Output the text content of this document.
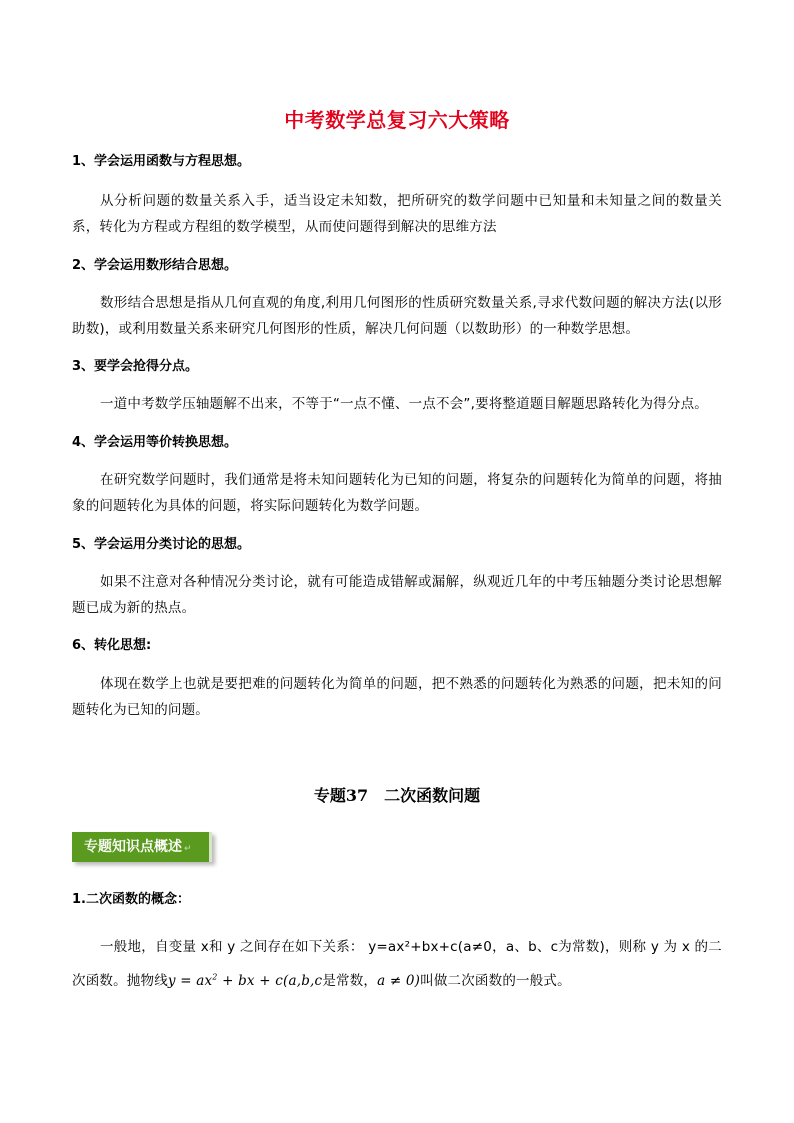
中考数学总复习六大策略
1、学会运用函数与方程思想。
从分析问题的数量关系入手，适当设定未知数，把所研究的数学问题中已知量和未知量之间的数量关系，转化为方程或方程组的数学模型，从而使问题得到解决的思维方法
2、学会运用数形结合思想。
数形结合思想是指从几何直观的角度,利用几何图形的性质研究数量关系,寻求代数问题的解决方法(以形助数)，或利用数量关系来研究几何图形的性质，解决几何问题（以数助形）的一种数学思想。
3、要学会抢得分点。
一道中考数学压轴题解不出来，不等于“一点不懂、一点不会”,要将整道题目解题思路转化为得分点。
4、学会运用等价转换思想。
在研究数学问题时，我们通常是将未知问题转化为已知的问题，将复杂的问题转化为简单的问题，将抽象的问题转化为具体的问题，将实际问题转化为数学问题。
5、学会运用分类讨论的思想。
如果不注意对各种情况分类讨论，就有可能造成错解或漏解，纵观近几年的中考压轴题分类讨论思想解题已成为新的热点。
6、转化思想:
体现在数学上也就是要把难的问题转化为简单的问题，把不熟悉的问题转化为熟悉的问题，把未知的问题转化为已知的问题。
专题37 二次函数问题
专题知识点概述 ↵
1.二次函数的概念：
一般地，自变量 x和 y 之间存在如下关系： y=ax²+bx+c(a≠0，a、b、c为常数)，则称 y 为 x 的二次函数。抛物线$y = ax^2$ + bx + c(a,b,c是常数，a ≠ 0)叫做二次函数的一般式。
